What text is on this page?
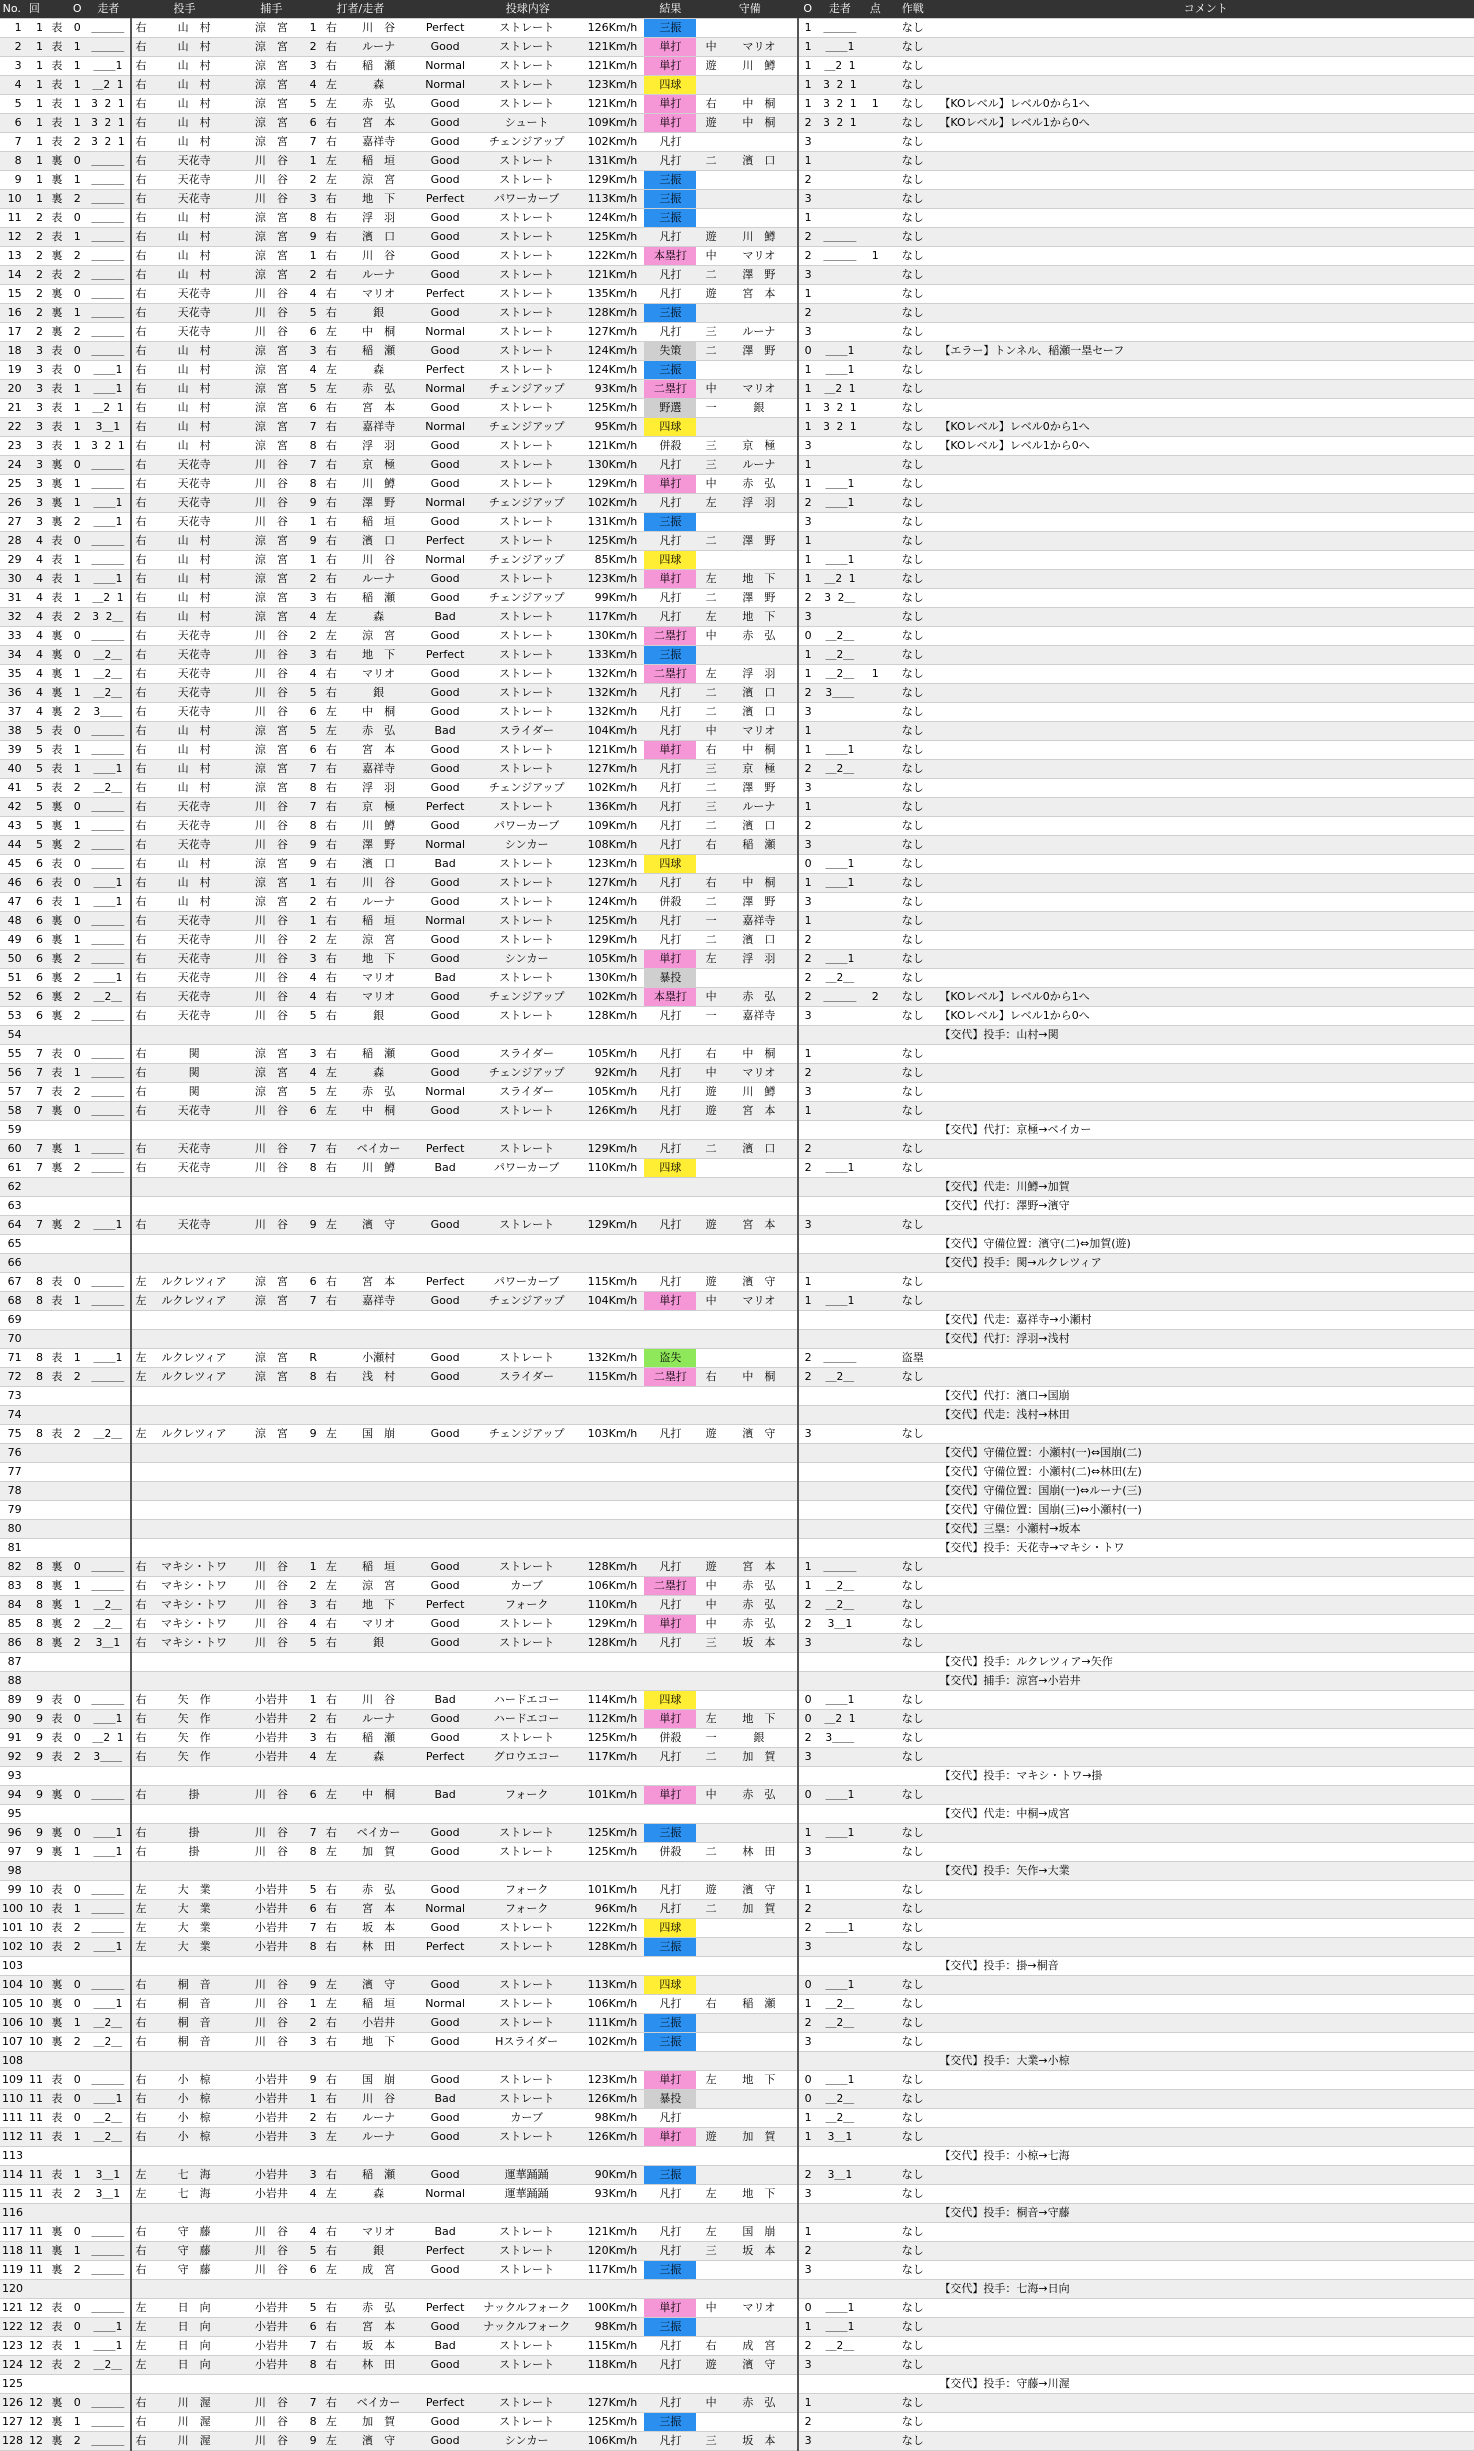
No.	回		O	走者	投手		捕手	打者/走者			投球内容			結果	守備		O	走者	点	作戦	コメント
1	1	表	0	＿＿＿	右	山　村	涼　宮	1	右	川　谷	Perfect	ストレート	126Km/h	三振			1	＿＿＿		なし	
2	1	表	1	＿＿＿	右	山　村	涼　宮	2	右	ルーナ	Good	ストレート	121Km/h	単打	中	マリオ	1	＿＿1		なし	
3	1	表	1	＿＿1	右	山　村	涼　宮	3	右	稲　瀬	Normal	ストレート	121Km/h	単打	遊	川　鱒	1	＿2 1		なし	
4	1	表	1	＿2 1	右	山　村	涼　宮	4	左	森	Normal	ストレート	123Km/h	四球			1	3 2 1		なし	
5	1	表	1	3 2 1	右	山　村	涼　宮	5	左	赤　弘	Good	ストレート	121Km/h	単打	右	中　桐	1	3 2 1	1	なし	【KOレベル】レベル0から1へ
6	1	表	1	3 2 1	右	山　村	涼　宮	6	右	宮　本	Good	シュート	109Km/h	単打	遊	中　桐	2	3 2 1		なし	【KOレベル】レベル1から0へ
7	1	表	2	3 2 1	右	山　村	涼　宮	7	右	嘉祥寺	Good	チェンジアップ	102Km/h	凡打			3			なし	
8	1	裏	0	＿＿＿	右	天花寺	川　谷	1	左	稲　垣	Good	ストレート	131Km/h	凡打	二	濱　口	1			なし	
9	1	裏	1	＿＿＿	右	天花寺	川　谷	2	左	涼　宮	Good	ストレート	129Km/h	三振			2			なし	
10	1	裏	2	＿＿＿	右	天花寺	川　谷	3	右	地　下	Perfect	パワーカーブ	113Km/h	三振			3			なし	
11	2	表	0	＿＿＿	右	山　村	涼　宮	8	右	浮　羽	Good	ストレート	124Km/h	三振			1			なし	
12	2	表	1	＿＿＿	右	山　村	涼　宮	9	右	濱　口	Good	ストレート	125Km/h	凡打	遊	川　鱒	2	＿＿＿		なし	
13	2	裏	2	＿＿＿	右	山　村	涼　宮	1	右	川　谷	Good	ストレート	122Km/h	本塁打	中	マリオ	2	＿＿＿	1	なし	
14	2	表	2	＿＿＿	右	山　村	涼　宮	2	右	ルーナ	Good	ストレート	121Km/h	凡打	二	澤　野	3			なし	
15	2	裏	0	＿＿＿	右	天花寺	川　谷	4	右	マリオ	Perfect	ストレート	135Km/h	凡打	遊	宮　本	1			なし	
16	2	裏	1	＿＿＿	右	天花寺	川　谷	5	右	銀	Good	ストレート	128Km/h	三振			2			なし	
17	2	裏	2	＿＿＿	右	天花寺	川　谷	6	左	中　桐	Normal	ストレート	127Km/h	凡打	三	ルーナ	3			なし	
18	3	表	0	＿＿＿	右	山　村	涼　宮	3	右	稲　瀬	Good	ストレート	124Km/h	失策	二	澤　野	0	＿＿1		なし	【エラー】トンネル、稲瀬一塁セーフ
19	3	表	0	＿＿1	右	山　村	涼　宮	4	左	森	Perfect	ストレート	124Km/h	三振			1	＿＿1		なし	
20	3	表	1	＿＿1	右	山　村	涼　宮	5	左	赤　弘	Normal	チェンジアップ	93Km/h	二塁打	中	マリオ	1	＿2 1		なし	
21	3	表	1	＿2 1	右	山　村	涼　宮	6	右	宮　本	Good	ストレート	125Km/h	野選	一	銀	1	3 2 1		なし	
22	3	表	1	3＿1	右	山　村	涼　宮	7	右	嘉祥寺	Normal	チェンジアップ	95Km/h	四球			1	3 2 1		なし	【KOレベル】レベル0から1へ
23	3	表	1	3 2 1	右	山　村	涼　宮	8	右	浮　羽	Good	ストレート	121Km/h	併殺	三	京　極	3			なし	【KOレベル】レベル1から0へ
24	3	裏	0	＿＿＿	右	天花寺	川　谷	7	右	京　極	Good	ストレート	130Km/h	凡打	三	ルーナ	1			なし	
25	3	裏	1	＿＿＿	右	天花寺	川　谷	8	右	川　鱒	Good	ストレート	129Km/h	単打	中	赤　弘	1	＿＿1		なし	
26	3	裏	1	＿＿1	右	天花寺	川　谷	9	右	澤　野	Normal	チェンジアップ	102Km/h	凡打	左	浮　羽	2	＿＿1		なし	
27	3	裏	2	＿＿1	右	天花寺	川　谷	1	右	稲　垣	Good	ストレート	131Km/h	三振			3			なし	
28	4	表	0	＿＿＿	右	山　村	涼　宮	9	右	濱　口	Perfect	ストレート	125Km/h	凡打	二	澤　野	1			なし	
29	4	表	1	＿＿＿	右	山　村	涼　宮	1	右	川　谷	Normal	チェンジアップ	85Km/h	四球			1	＿＿1		なし	
30	4	表	1	＿＿1	右	山　村	涼　宮	2	右	ルーナ	Good	ストレート	123Km/h	単打	左	地　下	1	＿2 1		なし	
31	4	表	1	＿2 1	右	山　村	涼　宮	3	右	稲　瀬	Good	チェンジアップ	99Km/h	凡打	二	澤　野	2	3 2＿		なし	
32	4	表	2	3 2＿	右	山　村	涼　宮	4	左	森	Bad	ストレート	117Km/h	凡打	左	地　下	3			なし	
33	4	裏	0	＿＿＿	右	天花寺	川　谷	2	左	涼　宮	Good	ストレート	130Km/h	二塁打	中	赤　弘	0	＿2＿		なし	
34	4	裏	0	＿2＿	右	天花寺	川　谷	3	右	地　下	Perfect	ストレート	133Km/h	三振			1	＿2＿		なし	
35	4	裏	1	＿2＿	右	天花寺	川　谷	4	右	マリオ	Good	ストレート	132Km/h	二塁打	左	浮　羽	1	＿2＿	1	なし	
36	4	裏	1	＿2＿	右	天花寺	川　谷	5	右	銀	Good	ストレート	132Km/h	凡打	二	濱　口	2	3＿＿		なし	
37	4	裏	2	3＿＿	右	天花寺	川　谷	6	左	中　桐	Good	ストレート	132Km/h	凡打	二	濱　口	3			なし	
38	5	表	0	＿＿＿	右	山　村	涼　宮	5	左	赤　弘	Bad	スライダー	104Km/h	凡打	中	マリオ	1			なし	
39	5	表	1	＿＿＿	右	山　村	涼　宮	6	右	宮　本	Good	ストレート	121Km/h	単打	右	中　桐	1	＿＿1		なし	
40	5	表	1	＿＿1	右	山　村	涼　宮	7	右	嘉祥寺	Good	ストレート	127Km/h	凡打	三	京　極	2	＿2＿		なし	
41	5	表	2	＿2＿	右	山　村	涼　宮	8	右	浮　羽	Good	チェンジアップ	102Km/h	凡打	二	澤　野	3			なし	
42	5	裏	0	＿＿＿	右	天花寺	川　谷	7	右	京　極	Perfect	ストレート	136Km/h	凡打	三	ルーナ	1			なし	
43	5	裏	1	＿＿＿	右	天花寺	川　谷	8	右	川　鱒	Good	パワーカーブ	109Km/h	凡打	二	濱　口	2			なし	
44	5	裏	2	＿＿＿	右	天花寺	川　谷	9	右	澤　野	Normal	シンカー	108Km/h	凡打	右	稲　瀬	3			なし	
45	6	表	0	＿＿＿	右	山　村	涼　宮	9	右	濱　口	Bad	ストレート	123Km/h	四球			0	＿＿1		なし	
46	6	表	0	＿＿1	右	山　村	涼　宮	1	右	川　谷	Good	ストレート	127Km/h	凡打	右	中　桐	1	＿＿1		なし	
47	6	表	1	＿＿1	右	山　村	涼　宮	2	右	ルーナ	Good	ストレート	124Km/h	併殺	二	澤　野	3			なし	
48	6	裏	0	＿＿＿	右	天花寺	川　谷	1	右	稲　垣	Normal	ストレート	125Km/h	凡打	一	嘉祥寺	1			なし	
49	6	裏	1	＿＿＿	右	天花寺	川　谷	2	左	涼　宮	Good	ストレート	129Km/h	凡打	二	濱　口	2			なし	
50	6	裏	2	＿＿＿	右	天花寺	川　谷	3	右	地　下	Good	シンカー	105Km/h	単打	左	浮　羽	2	＿＿1		なし	
51	6	裏	2	＿＿1	右	天花寺	川　谷	4	右	マリオ	Bad	ストレート	130Km/h	暴投			2	＿2＿		なし	
52	6	裏	2	＿2＿	右	天花寺	川　谷	4	右	マリオ	Good	チェンジアップ	102Km/h	本塁打	中	赤　弘	2	＿＿＿	2	なし	【KOレベル】レベル0から1へ
53	6	裏	2	＿＿＿	右	天花寺	川　谷	5	右	銀	Good	ストレート	128Km/h	凡打	一	嘉祥寺	3			なし	【KOレベル】レベル1から0へ
54																					【交代】投手：山村→関
55	7	表	0	＿＿＿	右	関	涼　宮	3	右	稲　瀬	Good	スライダー	105Km/h	凡打	右	中　桐	1			なし	
56	7	表	1	＿＿＿	右	関	涼　宮	4	左	森	Good	チェンジアップ	92Km/h	凡打	中	マリオ	2			なし	
57	7	表	2	＿＿＿	右	関	涼　宮	5	左	赤　弘	Normal	スライダー	105Km/h	凡打	遊	川　鱒	3			なし	
58	7	裏	0	＿＿＿	右	天花寺	川　谷	6	左	中　桐	Good	ストレート	126Km/h	凡打	遊	宮　本	1			なし	
59																					【交代】代打：京極→ベイカー
60	7	裏	1	＿＿＿	右	天花寺	川　谷	7	右	ベイカー	Perfect	ストレート	129Km/h	凡打	二	濱　口	2			なし	
61	7	裏	2	＿＿＿	右	天花寺	川　谷	8	右	川　鱒	Bad	パワーカーブ	110Km/h	四球			2	＿＿1		なし	
62																					【交代】代走：川鱒→加賀
63																					【交代】代打：澤野→濱守
64	7	裏	2	＿＿1	右	天花寺	川　谷	9	左	濱　守	Good	ストレート	129Km/h	凡打	遊	宮　本	3			なし	
65																					【交代】守備位置：濱守(二)⇔加賀(遊)
66																					【交代】投手：関→ルクレツィア
67	8	表	0	＿＿＿	左	ルクレツィア	涼　宮	6	右	宮　本	Perfect	パワーカーブ	115Km/h	凡打	遊	濱　守	1			なし	
68	8	表	1	＿＿＿	左	ルクレツィア	涼　宮	7	右	嘉祥寺	Good	チェンジアップ	104Km/h	単打	中	マリオ	1	＿＿1		なし	
69																					【交代】代走：嘉祥寺→小瀬村
70																					【交代】代打：浮羽→浅村
71	8	表	1	＿＿1	左	ルクレツィア	涼　宮	R		小瀬村	Good	ストレート	132Km/h	盗失			2	＿＿＿		盗塁	
72	8	表	2	＿＿＿	左	ルクレツィア	涼　宮	8	右	浅　村	Good	スライダー	115Km/h	二塁打	右	中　桐	2	＿2＿		なし	
73																					【交代】代打：濱口→国崩
74																					【交代】代走：浅村→林田
75	8	表	2	＿2＿	左	ルクレツィア	涼　宮	9	左	国　崩	Good	チェンジアップ	103Km/h	凡打	遊	濱　守	3			なし	
76																					【交代】守備位置：小瀬村(一)⇔国崩(二)
77																					【交代】守備位置：小瀬村(二)⇔林田(左)
78																					【交代】守備位置：国崩(一)⇔ルーナ(三)
79																					【交代】守備位置：国崩(三)⇔小瀬村(一)
80																					【交代】三塁：小瀬村→坂本
81																					【交代】投手：天花寺→マキシ・トワ
82	8	裏	0	＿＿＿	右	マキシ・トワ	川　谷	1	左	稲　垣	Good	ストレート	128Km/h	凡打	遊	宮　本	1	＿＿＿		なし	
83	8	裏	1	＿＿＿	右	マキシ・トワ	川　谷	2	左	涼　宮	Good	カーブ	106Km/h	二塁打	中	赤　弘	1	＿2＿		なし	
84	8	裏	1	＿2＿	右	マキシ・トワ	川　谷	3	右	地　下	Perfect	フォーク	110Km/h	凡打	中	赤　弘	2	＿2＿		なし	
85	8	裏	2	＿2＿	右	マキシ・トワ	川　谷	4	右	マリオ	Good	ストレート	129Km/h	単打	中	赤　弘	2	3＿1		なし	
86	8	裏	2	3＿1	右	マキシ・トワ	川　谷	5	右	銀	Good	ストレート	128Km/h	凡打	三	坂　本	3			なし	
87																					【交代】投手：ルクレツィア→矢作
88																					【交代】捕手：涼宮→小岩井
89	9	表	0	＿＿＿	右	矢　作	小岩井	1	右	川　谷	Bad	ハードエコー	114Km/h	四球			0	＿＿1		なし	
90	9	表	0	＿＿1	右	矢　作	小岩井	2	右	ルーナ	Good	ハードエコー	112Km/h	単打	左	地　下	0	＿2 1		なし	
91	9	表	0	＿2 1	右	矢　作	小岩井	3	右	稲　瀬	Good	ストレート	125Km/h	併殺	一	銀	2	3＿＿		なし	
92	9	表	2	3＿＿	右	矢　作	小岩井	4	左	森	Perfect	グロウエコー	117Km/h	凡打	二	加　賀	3			なし	
93																					【交代】投手：マキシ・トワ→掛
94	9	裏	0	＿＿＿	右	掛	川　谷	6	左	中　桐	Bad	フォーク	101Km/h	単打	中	赤　弘	0	＿＿1		なし	
95																					【交代】代走：中桐→成宮
96	9	裏	0	＿＿1	右	掛	川　谷	7	右	ベイカー	Good	ストレート	125Km/h	三振			1	＿＿1		なし	
97	9	裏	1	＿＿1	右	掛	川　谷	8	左	加　賀	Good	ストレート	125Km/h	併殺	二	林　田	3			なし	
98																					【交代】投手：矢作→大業
99	10	表	0	＿＿＿	左	大　業	小岩井	5	右	赤　弘	Good	フォーク	101Km/h	凡打	遊	濱　守	1			なし	
100	10	表	1	＿＿＿	左	大　業	小岩井	6	右	宮　本	Normal	フォーク	96Km/h	凡打	二	加　賀	2			なし	
101	10	表	2	＿＿＿	左	大　業	小岩井	7	右	坂　本	Good	ストレート	122Km/h	四球			2	＿＿1		なし	
102	10	表	2	＿＿1	左	大　業	小岩井	8	右	林　田	Perfect	ストレート	128Km/h	三振			3			なし	
103																					【交代】投手：掛→桐音
104	10	裏	0	＿＿＿	右	桐　音	川　谷	9	左	濱　守	Good	ストレート	113Km/h	四球			0	＿＿1		なし	
105	10	裏	0	＿＿1	右	桐　音	川　谷	1	左	稲　垣	Normal	ストレート	106Km/h	凡打	右	稲　瀬	1	＿2＿		なし	
106	10	裏	1	＿2＿	右	桐　音	川　谷	2	右	小岩井	Good	ストレート	111Km/h	三振			2	＿2＿		なし	
107	10	裏	2	＿2＿	右	桐　音	川　谷	3	右	地　下	Good	Hスライダー	102Km/h	三振			3			なし	
108																					【交代】投手：大業→小椋
109	11	表	0	＿＿＿	右	小　椋	小岩井	9	右	国　崩	Good	ストレート	123Km/h	単打	左	地　下	0	＿＿1		なし	
110	11	表	0	＿＿1	右	小　椋	小岩井	1	右	川　谷	Bad	ストレート	126Km/h	暴投			0	＿2＿		なし	
111	11	表	0	＿2＿	右	小　椋	小岩井	2	右	ルーナ	Good	カーブ	98Km/h	凡打			1	＿2＿		なし	
112	11	表	1	＿2＿	右	小　椋	小岩井	3	左	ルーナ	Good	ストレート	126Km/h	単打	遊	加　賀	1	3＿1		なし	
113																					【交代】投手：小椋→七海
114	11	表	1	3＿1	左	七　海	小岩井	3	右	稲　瀬	Good	運華踊踊	90Km/h	三振			2	3＿1		なし	
115	11	表	2	3＿1	左	七　海	小岩井	4	左	森	Normal	運華踊踊	93Km/h	凡打	左	地　下	3			なし	
116																					【交代】投手：桐音→守藤
117	11	裏	0	＿＿＿	右	守　藤	川　谷	4	右	マリオ	Bad	ストレート	121Km/h	凡打	左	国　崩	1			なし	
118	11	裏	1	＿＿＿	右	守　藤	川　谷	5	右	銀	Perfect	ストレート	120Km/h	凡打	三	坂　本	2			なし	
119	11	裏	2	＿＿＿	右	守　藤	川　谷	6	左	成　宮	Good	ストレート	117Km/h	三振			3			なし	
120																					【交代】投手：七海→日向
121	12	表	0	＿＿＿	左	日　向	小岩井	5	右	赤　弘	Perfect	ナックルフォーク	100Km/h	単打	中	マリオ	0	＿＿1		なし	
122	12	表	0	＿＿1	左	日　向	小岩井	6	右	宮　本	Good	ナックルフォーク	98Km/h	三振			1	＿＿1		なし	
123	12	表	1	＿＿1	左	日　向	小岩井	7	右	坂　本	Bad	ストレート	115Km/h	凡打	右	成　宮	2	＿2＿		なし	
124	12	表	2	＿2＿	左	日　向	小岩井	8	右	林　田	Good	ストレート	118Km/h	凡打	遊	濱　守	3			なし	
125																					【交代】投手：守藤→川渥
126	12	裏	0	＿＿＿	右	川　渥	川　谷	7	右	ベイカー	Perfect	ストレート	127Km/h	凡打	中	赤　弘	1			なし	
127	12	裏	1	＿＿＿	右	川　渥	川　谷	8	左	加　賀	Good	ストレート	125Km/h	三振			2			なし	
128	12	裏	2	＿＿＿	右	川　渥	川　谷	9	左	濱　守	Good	シンカー	106Km/h	凡打	三	坂　本	3			なし	
